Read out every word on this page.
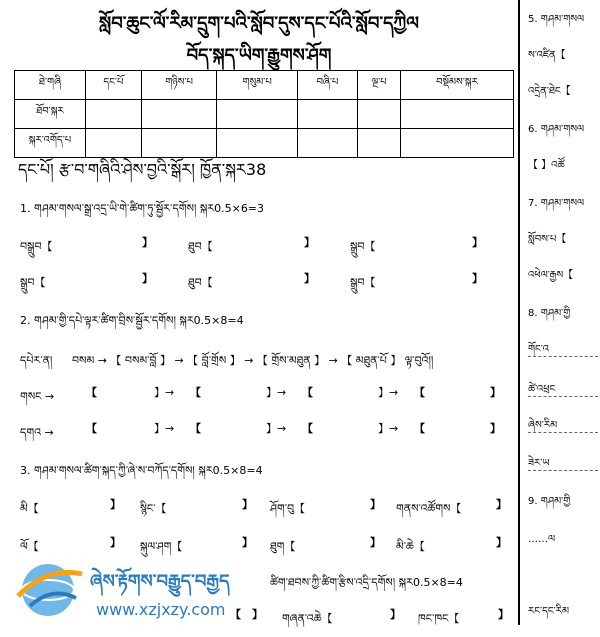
སློབ་ཆུང་ལོ་རིམ་དྲུག་པའི་སློབ་དུས་དང་པོའི་སློབ་དཀྱིལ
བོད་སྐད་ཡིག་རྒྱུགས་ཤོག
ཐེ་གཞི	དང་པོ	གཉིས་པ	གསུམ་པ	བཞི་པ	ལྔ་པ	བསྡོམས་སྐར
ཐོབ་སྐར						
སྐར་འགོད་པ						
དང་པོ། རྩ་བ་གཞིའི་ཤེས་བྱའི་སྒོར། ཁྱོན་སྐར38
1. གཤམ་གསལ་སྒྲ་འདྲ་ཡི་གེ་ཚིག་ཏུ་སྦྱོར་དགོས། སྐར0.5×6=3
བསྒྲུབ【	】	ཐུབ【	】	སྒྲུབ【	】
སྒྲུབ【	】	ཐུབ【	】	སྒྲུབ【	】
2. གཤམ་གྱི་དཔེ་ལྟར་ཚིག་བྲིས་སྦྱོར་དགོས། སྐར0.5×8=4
དཔེར་ན། བསམ → 【 བསམ་བློ 】 → 【 བློ་གྲོས 】 → 【 གྲོས་མཐུན 】 → 【 མཐུན་པོ 】 ལྟ་བུའོ།།
གསང →	【	】→ 【	】→ 【	】→ 【	】
དགའ →	【	】→ 【	】→ 【	】→ 【	】
3. གཤམ་གསལ་ཚིག་སྐད་ཀྱི་ཞེ་ས་བཀོད་དགོས། སྐར0.5×8=4
མི【	】 སྙིང་【	】 ཤོག་བུ【	】 གནས་འཚོགས【	】
ལོ【	】 སྐུལ་ཤག【	】 ཐུག【	】 མི་ཆེ【	】
ཚིག་ཐབས་ཀྱི་ཚིག་རྩིས་འདྲི་དགོས། སྐར0.5×8=4
【 】 གཞན་འཆེ【	】 ཁང་ཁང【	】
ཞེས་རྟོགས་བརྒྱུད་བརྒྱད
www.xzjxzy.com
5. གཤམ་གསལ
ས་འཛིན【
འདྲེན་ཐེང【
6. གཤམ་གསལ
【 】འཚོ
7. གཤམ་གསལ
སློབས་པ【
འཕེལ་རྒྱས【
8. གཤམ་གྱི
གོང་འ
ཚེ་འཕྲང
ཞེས་རིམ
ཟེར་ཡ
9. གཤམ་གྱི
……ལ
རང་དང་རིམ
